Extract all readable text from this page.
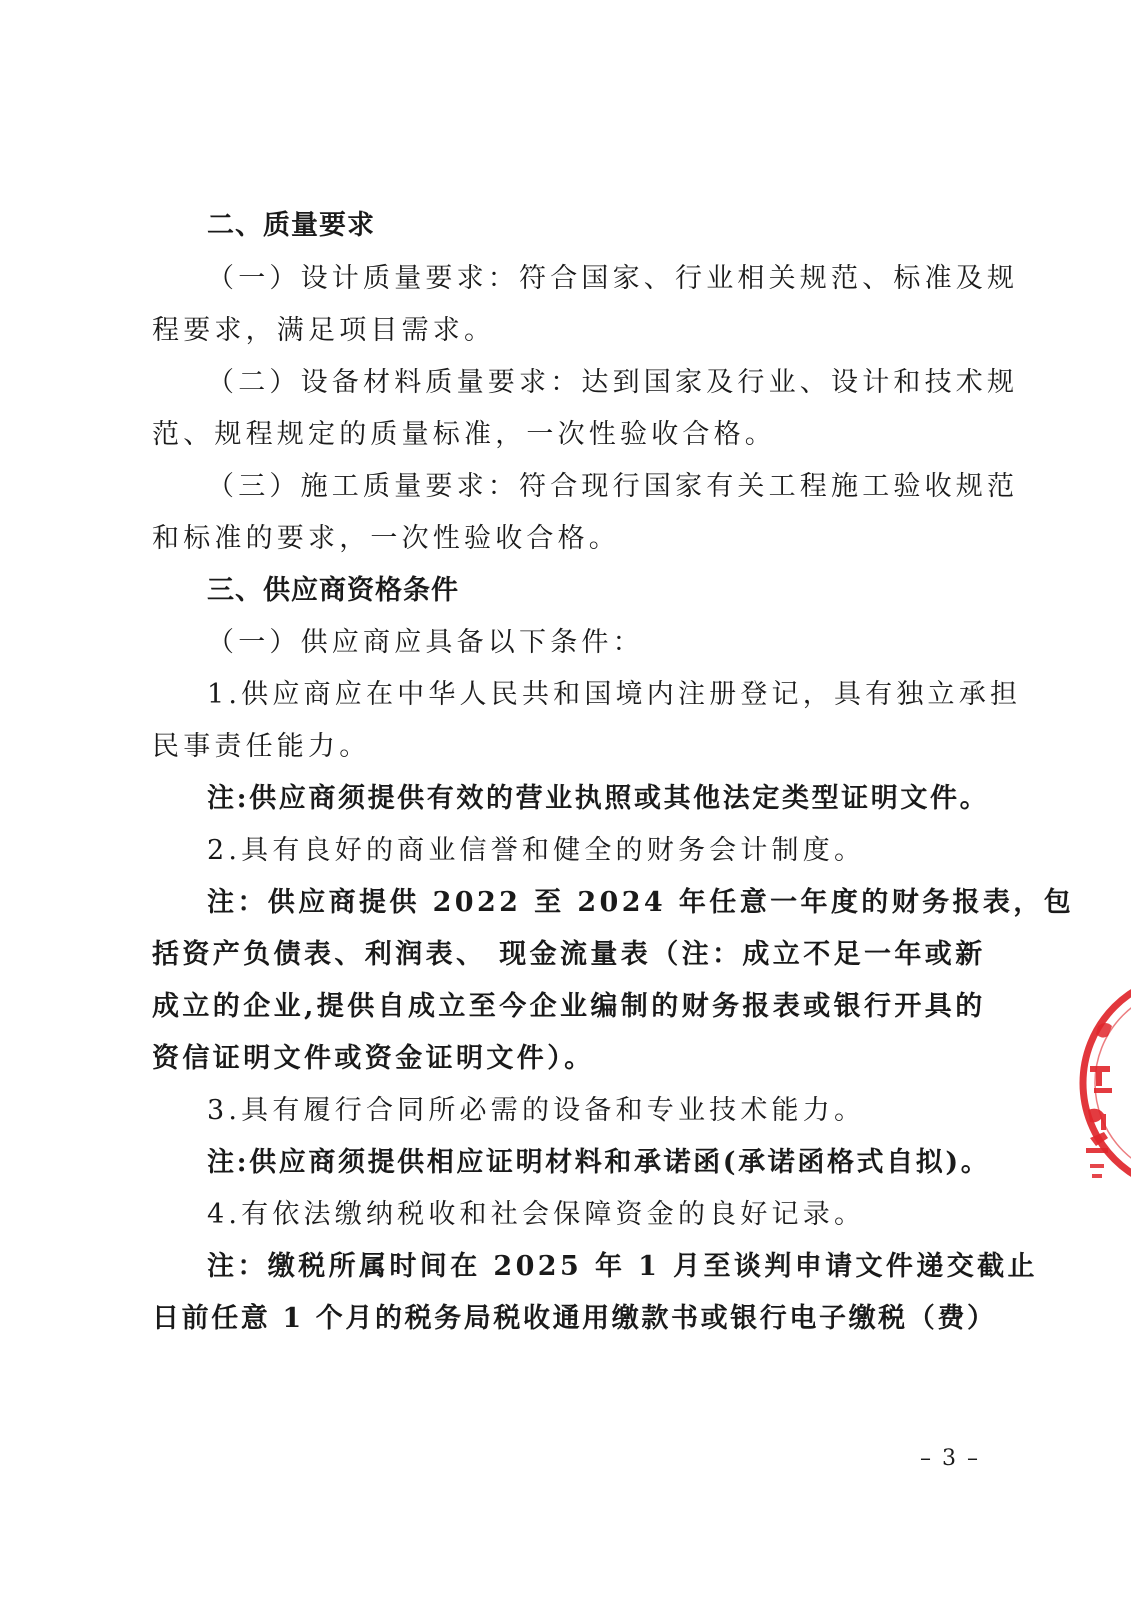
二、质量要求
（一）设计质量要求：符合国家、行业相关规范、标准及规
程要求，满足项目需求。
（二）设备材料质量要求：达到国家及行业、设计和技术规
范、规程规定的质量标准，一次性验收合格。
（三）施工质量要求：符合现行国家有关工程施工验收规范
和标准的要求，一次性验收合格。
三、供应商资格条件
（一）供应商应具备以下条件：
1.供应商应在中华人民共和国境内注册登记，具有独立承担
民事责任能力。
注:供应商须提供有效的营业执照或其他法定类型证明文件。
2.具有良好的商业信誉和健全的财务会计制度。
注：供应商提供 2022 至 2024 年任意一年度的财务报表，包
括资产负债表、利润表、 现金流量表（注：成立不足一年或新
成立的企业,提供自成立至今企业编制的财务报表或银行开具的
资信证明文件或资金证明文件）。
3.具有履行合同所必需的设备和专业技术能力。
注:供应商须提供相应证明材料和承诺函(承诺函格式自拟)。
4.有依法缴纳税收和社会保障资金的良好记录。
注：缴税所属时间在 2025 年 1 月至谈判申请文件递交截止
日前任意 1 个月的税务局税收通用缴款书或银行电子缴税（费）
– 3 –
